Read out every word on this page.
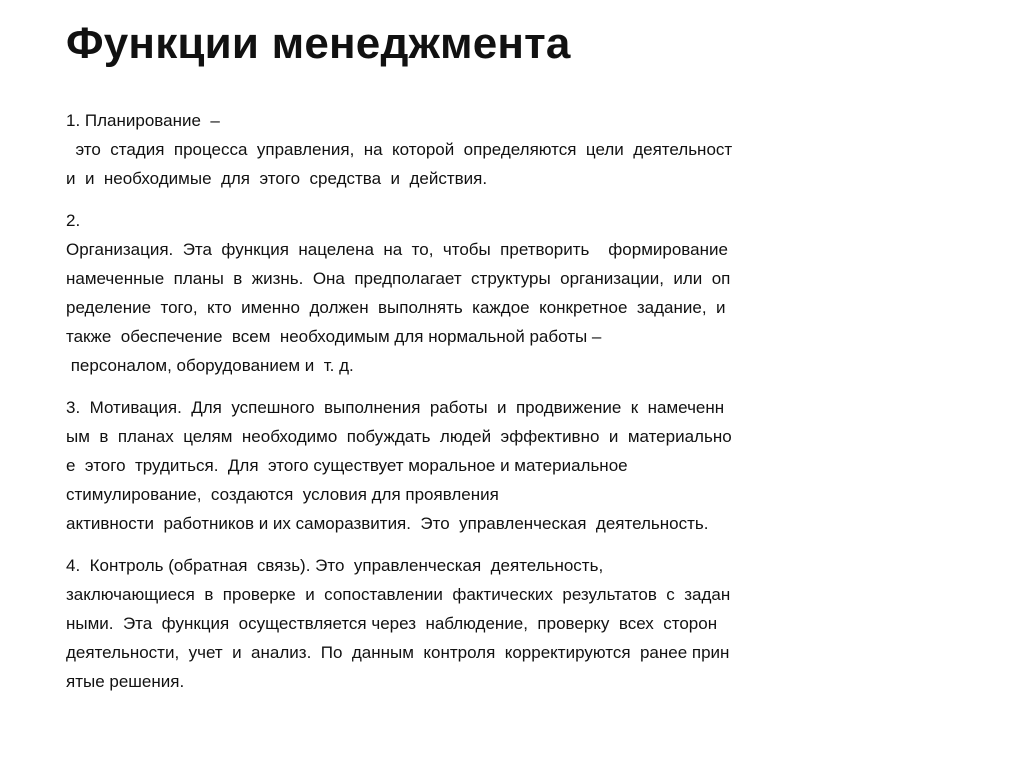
Функции менеджмента
1. Планирование  –
это  стадия  процесса  управления,  на  которой  определяются  цели  деятельност
и  и  необходимые  для  этого  средства  и  действия.
2.
Организация.  Эта  функция  нацелена  на  то,  чтобы  претворить    формирование
намеченные  планы  в  жизнь.  Она  предполагает  структуры  организации,  или  оп
ределение  того,  кто  именно  должен  выполнять  каждое  конкретное  задание,  и
также  обеспечение  всем  необходимым для нормальной работы –
персоналом, оборудованием и  т. д.
3.  Мотивация.  Для  успешного  выполнения  работы  и  продвижение  к  намеченн
ым  в  планах  целям  необходимо  побуждать  людей  эффективно  и  материально
е  этого  трудиться.  Для  этого существует моральное и материальное
стимулирование,  создаются  условия для проявления
активности  работников и их саморазвития.  Это  управленческая  деятельность.
4.  Контроль (обратная  связь). Это  управленческая  деятельность,
заключающиеся  в  проверке  и  сопоставлении  фактических  результатов  с  задан
ными.  Эта  функция  осуществляется через  наблюдение,  проверку  всех  сторон
деятельности,  учет  и  анализ.  По  данным  контроля  корректируются  ранее прин
ятые решения.
